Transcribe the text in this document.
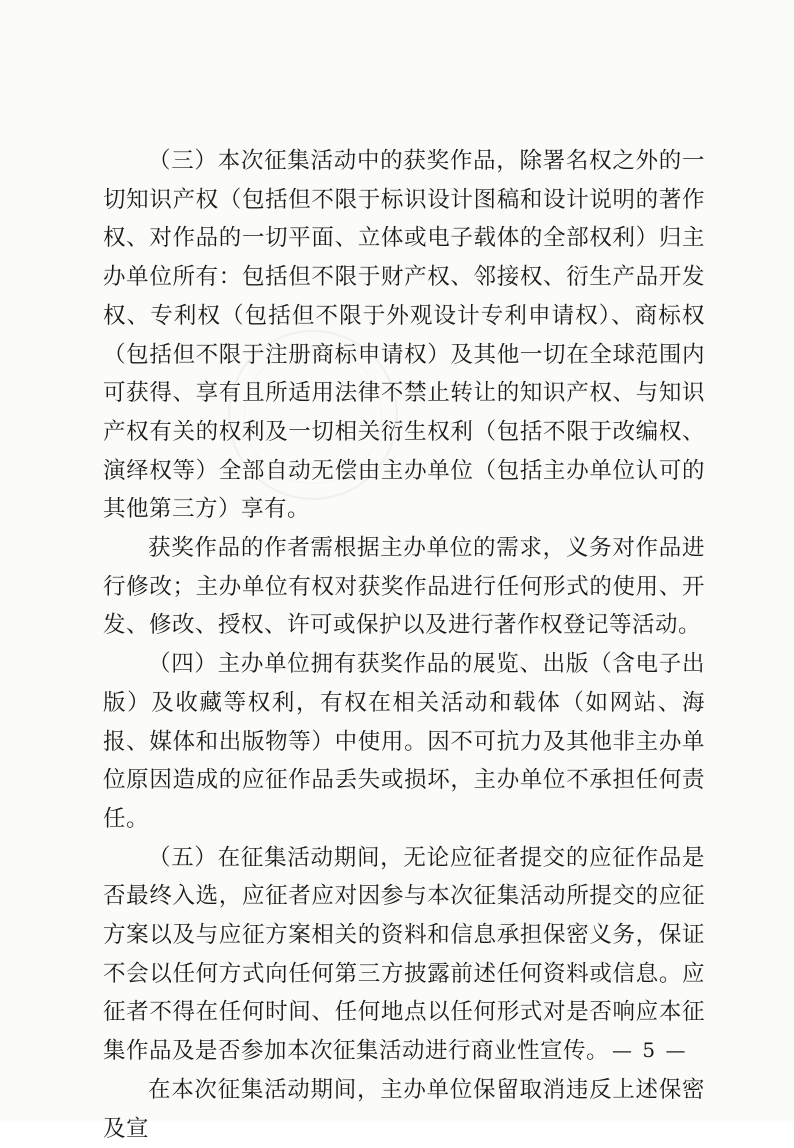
（三）本次征集活动中的获奖作品，除署名权之外的一切知识产权（包括但不限于标识设计图稿和设计说明的著作权、对作品的一切平面、立体或电子载体的全部权利）归主办单位所有：包括但不限于财产权、邻接权、衍生产品开发权、专利权（包括但不限于外观设计专利申请权）、商标权（包括但不限于注册商标申请权）及其他一切在全球范围内可获得、享有且所适用法律不禁止转让的知识产权、与知识产权有关的权利及一切相关衍生权利（包括不限于改编权、演绎权等）全部自动无偿由主办单位（包括主办单位认可的其他第三方）享有。

获奖作品的作者需根据主办单位的需求，义务对作品进行修改；主办单位有权对获奖作品进行任何形式的使用、开发、修改、授权、许可或保护以及进行著作权登记等活动。

（四）主办单位拥有获奖作品的展览、出版（含电子出版）及收藏等权利，有权在相关活动和载体（如网站、海报、媒体和出版物等）中使用。因不可抗力及其他非主办单位原因造成的应征作品丢失或损坏，主办单位不承担任何责任。

（五）在征集活动期间，无论应征者提交的应征作品是否最终入选，应征者应对因参与本次征集活动所提交的应征方案以及与应征方案相关的资料和信息承担保密义务，保证不会以任何方式向任何第三方披露前述任何资料或信息。应征者不得在任何时间、任何地点以任何形式对是否响应本征集作品及是否参加本次征集活动进行商业性宣传。

在本次征集活动期间，主办单位保留取消违反上述保密及宣

— 5 —
